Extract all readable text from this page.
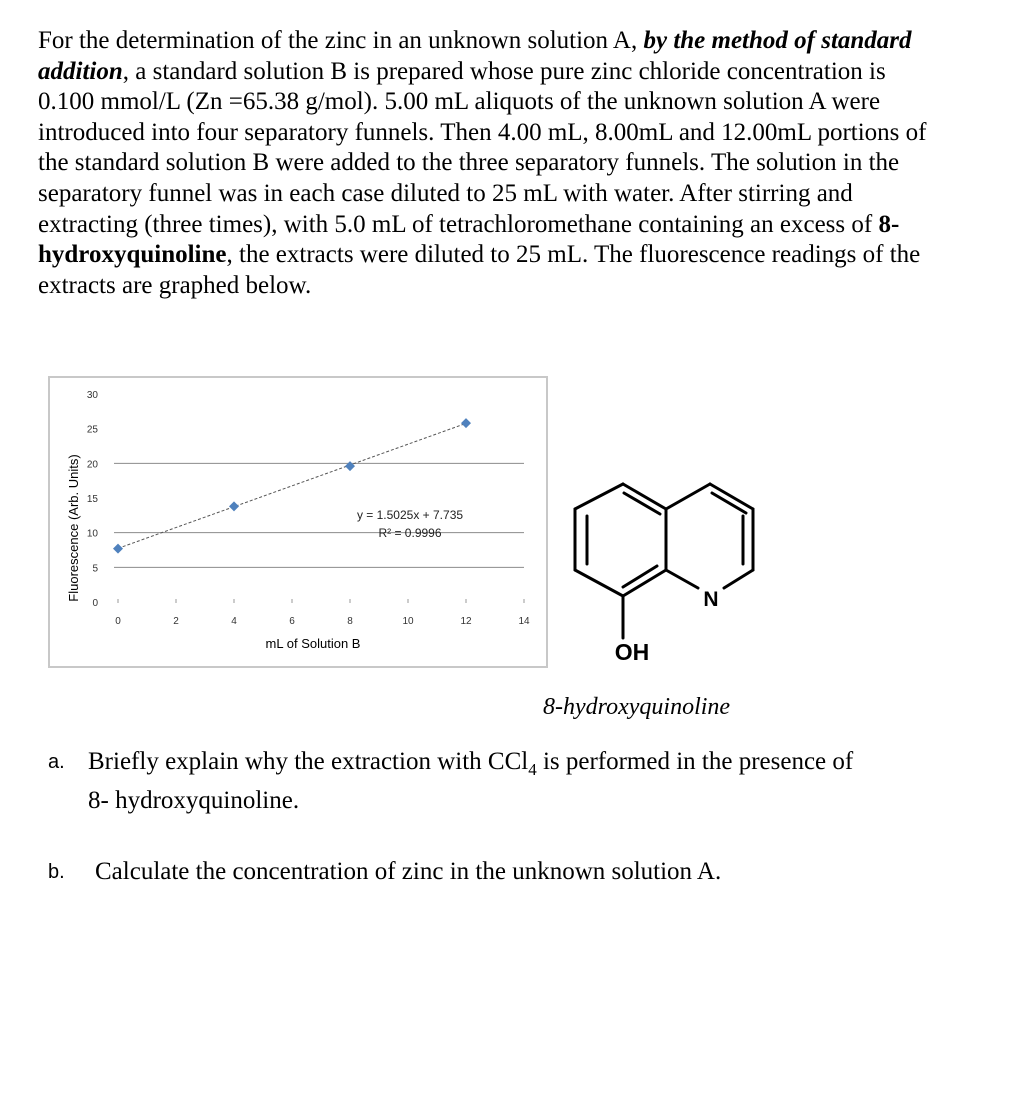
For the determination of the zinc in an unknown solution A, by the method of standard addition, a standard solution B is prepared whose pure zinc chloride concentration is 0.100 mmol/L (Zn =65.38 g/mol). 5.00 mL aliquots of the unknown solution A were introduced into four separatory funnels. Then 4.00 mL, 8.00mL and 12.00mL portions of the standard solution B were added to the three separatory funnels. The solution in the separatory funnel was in each case diluted to 25 mL with water. After stirring and extracting (three times), with 5.0 mL of tetrachloromethane containing an excess of 8-hydroxyquinoline, the extracts were diluted to 25 mL. The fluorescence readings of the extracts are graphed below.

0
5
10
15
20
25
30
0	2	4	6	8	10	12	14
y = 1.5025x + 7.735
R² = 0.9996
mL of Solution B
Fluorescence (Arb. Units)	N
OH

8-hydroxyquinoline

a. Briefly explain why the extraction with CCl$_4$ is performed in the presence of
8- hydroxyquinoline.

b. Calculate the concentration of zinc in the unknown solution A.
